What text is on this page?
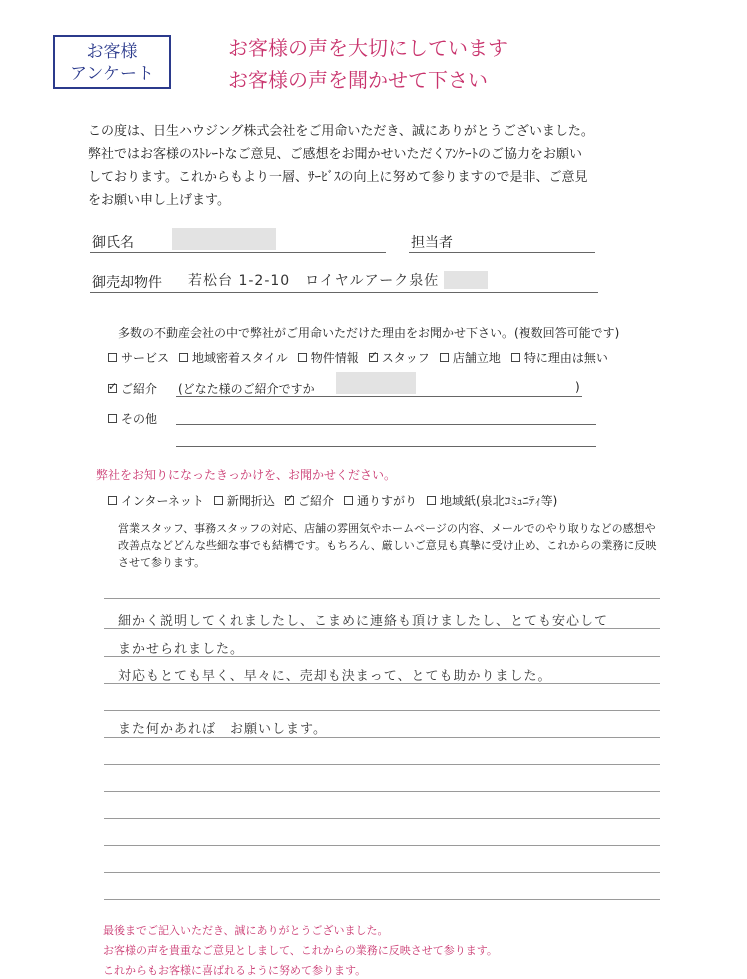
お客様
アンケート
お客様の声を大切にしています
お客様の声を聞かせて下さい
この度は、日生ハウジング株式会社をご用命いただき、誠にありがとうございました。
弊社ではお客様のｽﾄﾚｰﾄなご意見、ご感想をお聞かせいただくｱﾝｹｰﾄのご協力をお願い
しております。これからもより一層、ｻｰﾋﾞｽの向上に努めて参りますので是非、ご意見
をお願い申し上げます。
御氏名	担当者
御売却物件 若松台 1-2-10　ロイヤルアーク泉佐
多数の不動産会社の中で弊社がご用命いただけた理由をお聞かせ下さい。(複数回答可能です)
サービス 地域密着スタイル 物件情報 ✓ スタッフ 店舗立地 特に理由は無い
✓
ご紹介 (どなた様のご紹介ですか	)
その他
弊社をお知りになったきっかけを、お聞かせください。
インターネット 新聞折込 ✓ ご紹介 通りすがり 地域紙(泉北ｺﾐｭﾆﾃｨ等)
営業スタッフ、事務スタッフの対応、店舗の雰囲気やホームページの内容、メールでのやり取りなどの感想や
改善点などどんな些細な事でも結構です。もちろん、厳しいご意見も真摯に受け止め、これからの業務に反映
させて参ります。
細かく説明してくれましたし、こまめに連絡も頂けましたし、とても安心して
まかせられました。
対応もとても早く、早々に、売却も決まって、とても助かりました。
また何かあれば　お願いします。
最後までご記入いただき、誠にありがとうございました。
お客様の声を貴重なご意見としまして、これからの業務に反映させて参ります。
これからもお客様に喜ばれるように努めて参ります。
